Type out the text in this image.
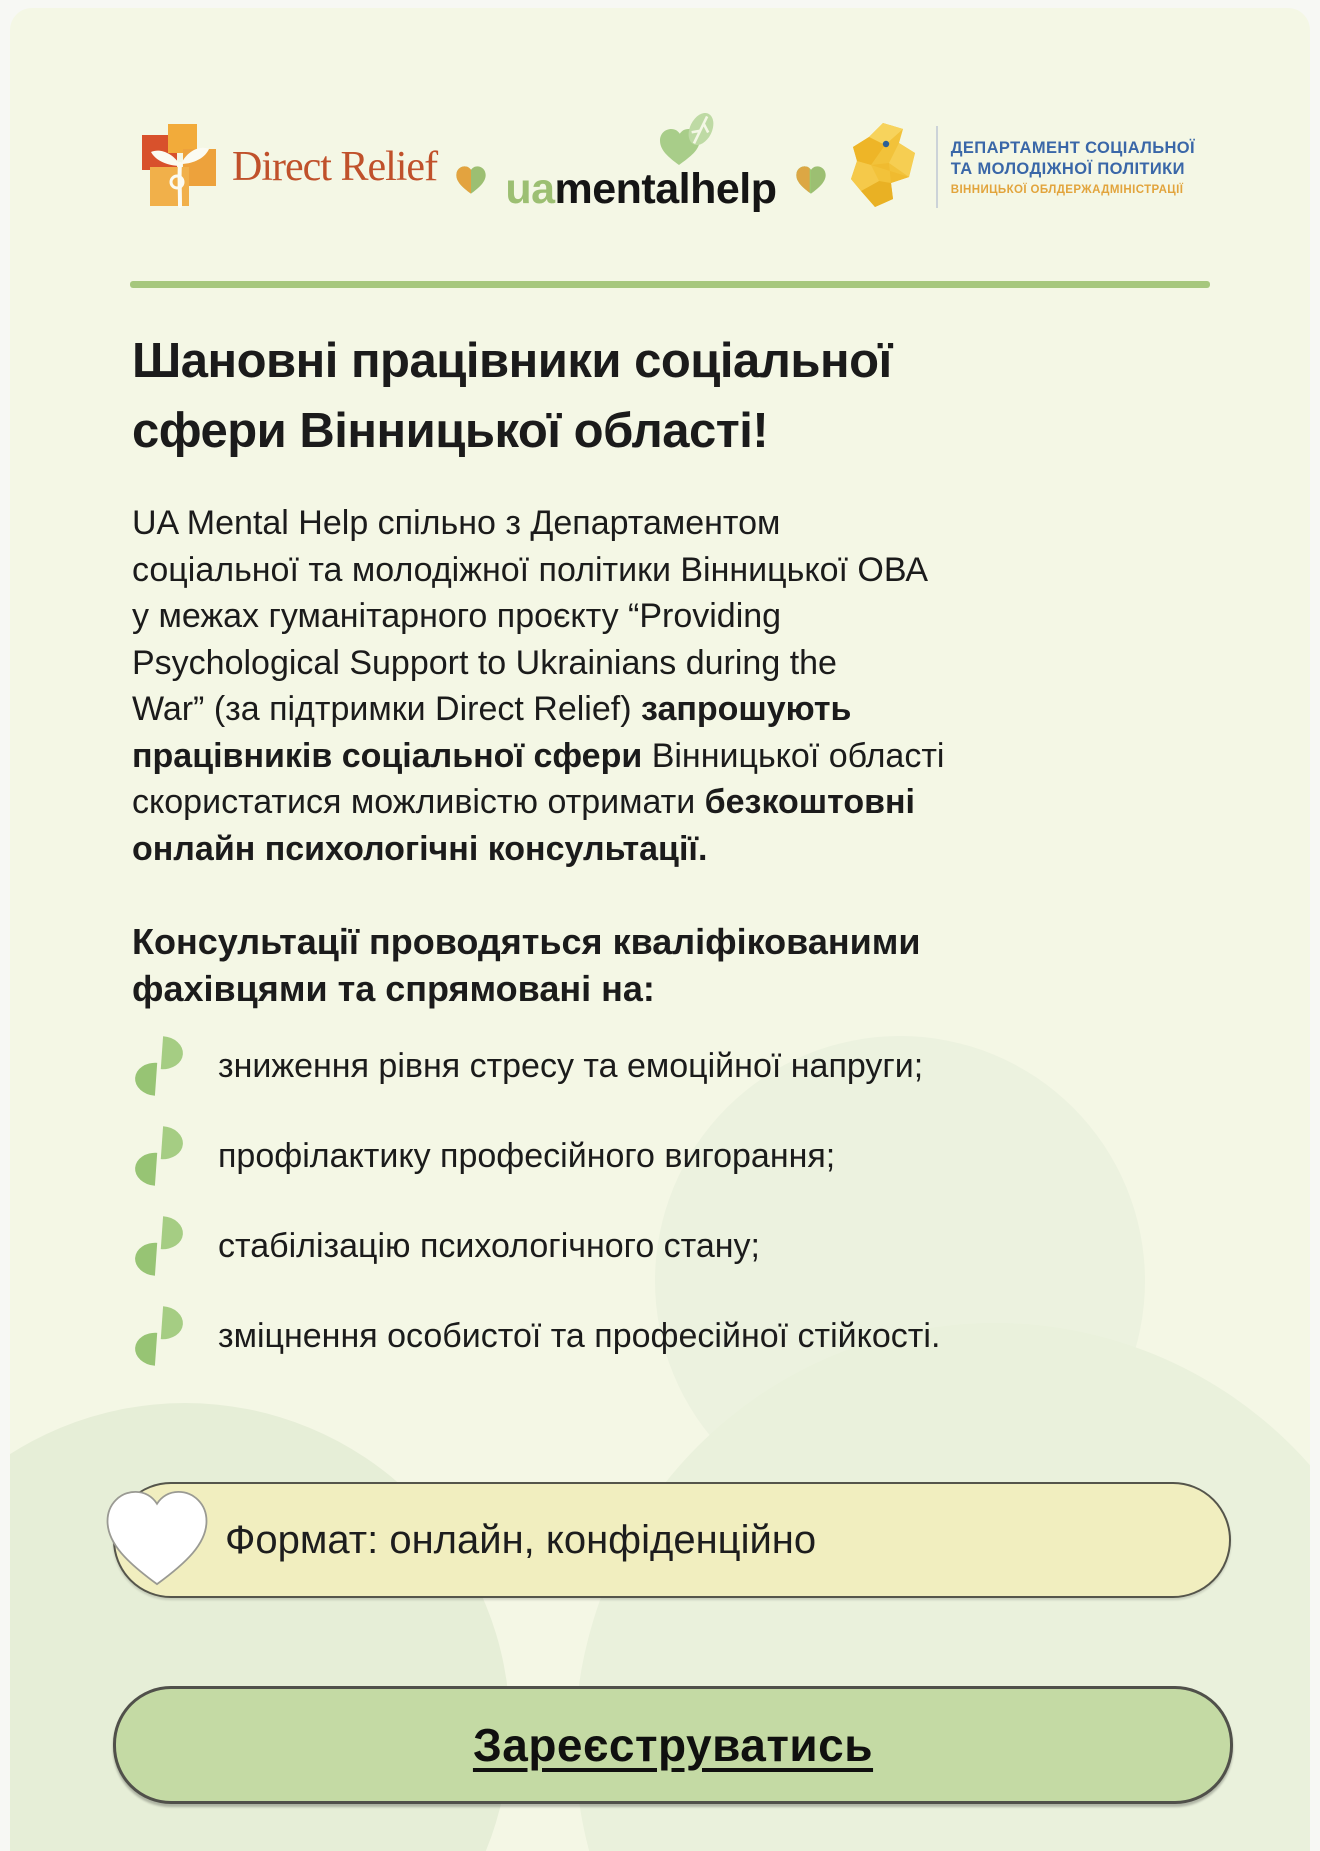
Direct Relief uamentalhelp
ДЕПАРТАМЕНТ СОЦІАЛЬНОЇ
ТА МОЛОДІЖНОЇ ПОЛІТИКИ
ВІННИЦЬКОЇ ОБЛДЕРЖАДМІНІСТРАЦІЇ
Шановні працівники соціальної
сфери Вінницької області!
UA Mental Help спільно з Департаментом
соціальної та молодіжної політики Вінницької ОВА
у межах гуманітарного проєкту “Providing
Psychological Support to Ukrainians during the
War” (за підтримки Direct Relief) запрошують
працівників соціальної сфери Вінницької області
скористатися можливістю отримати безкоштовні
онлайн психологічні консультації.
Консультації проводяться кваліфікованими
фахівцями та спрямовані на:
зниження рівня стресу та емоційної напруги;
профілактику професійного вигорання;
стабілізацію психологічного стану;
зміцнення особистої та професійної стійкості.
Формат: онлайн, конфіденційно
Зареєструватись
